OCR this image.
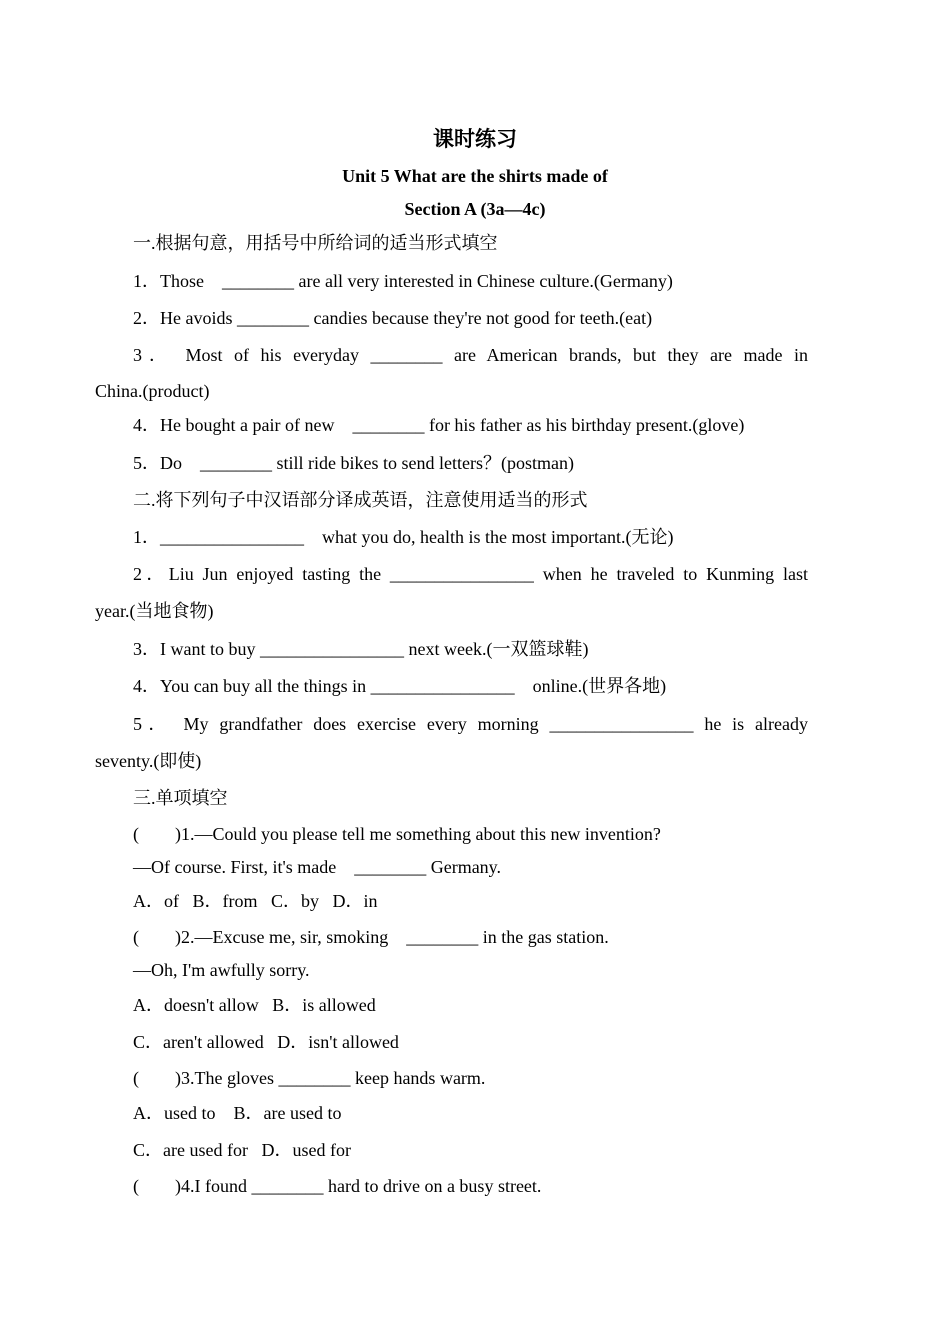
课时练习
Unit 5 What are the shirts made of
Section A (3a—4c)
一.根据句意，用括号中所给词的适当形式填空
1．Those    ________ are all very interested in Chinese culture.(Germany)
2．He avoids ________ candies because they're not good for teeth.(eat)
3． Most of his everyday ________ are American brands, but they are made in
China.(product)
4．He bought a pair of new    ________ for his father as his birthday present.(glove)
5．Do    ________ still ride bikes to send letters？(postman)
二.将下列句子中汉语部分译成英语，注意使用适当的形式
1．________________    what you do, health is the most important.(无论)
2．Liu Jun enjoyed tasting the ________________ when he traveled to Kunming last
year.(当地食物)
3．I want to buy ________________ next week.(一双篮球鞋)
4．You can buy all the things in ________________    online.(世界各地)
5． My grandfather does exercise every morning ________________ he is already
seventy.(即使)
三.单项填空
(        )1.—Could you please tell me something about this new invention?
—Of course. First, it's made    ________ Germany.
A．of   B．from   C．by   D．in
(        )2.—Excuse me, sir, smoking    ________ in the gas station.
—Oh, I'm awfully sorry.
A．doesn't allow   B．is allowed
C．aren't allowed   D．isn't allowed
(        )3.The gloves ________ keep hands warm.
A．used to    B．are used to
C．are used for   D．used for
(        )4.I found ________ hard to drive on a busy street.
